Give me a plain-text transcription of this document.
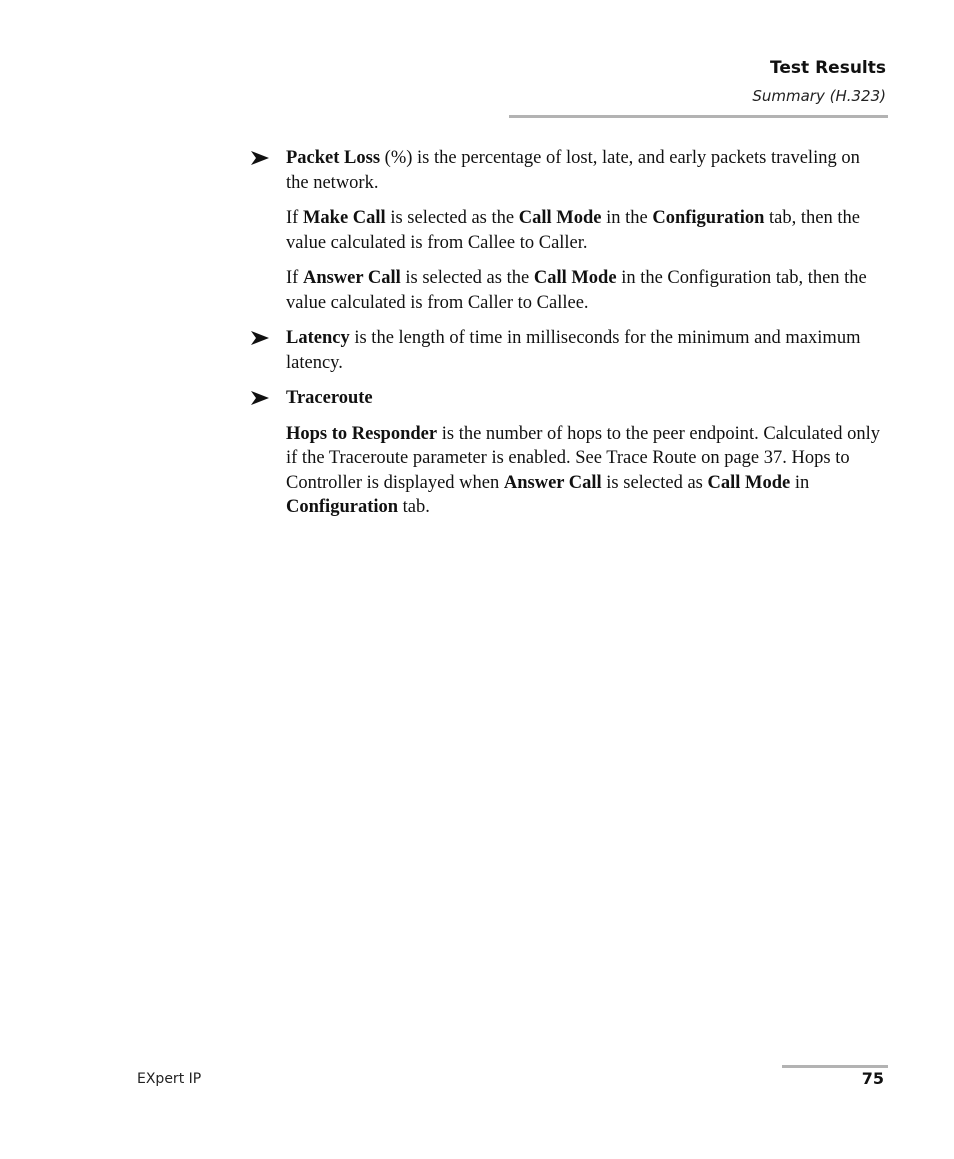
Test Results
Summary (H.323)
Packet Loss (%) is the percentage of lost, late, and early packets traveling on the network.
If Make Call is selected as the Call Mode in the Configuration tab, then the value calculated is from Callee to Caller.
If Answer Call is selected as the Call Mode in the Configuration tab, then the value calculated is from Caller to Callee.
Latency is the length of time in milliseconds for the minimum and maximum latency.
Traceroute
Hops to Responder is the number of hops to the peer endpoint. Calculated only if the Traceroute parameter is enabled. See Trace Route on page 37. Hops to Controller is displayed when Answer Call is selected as Call Mode in Configuration tab.
EXpert IP	75
